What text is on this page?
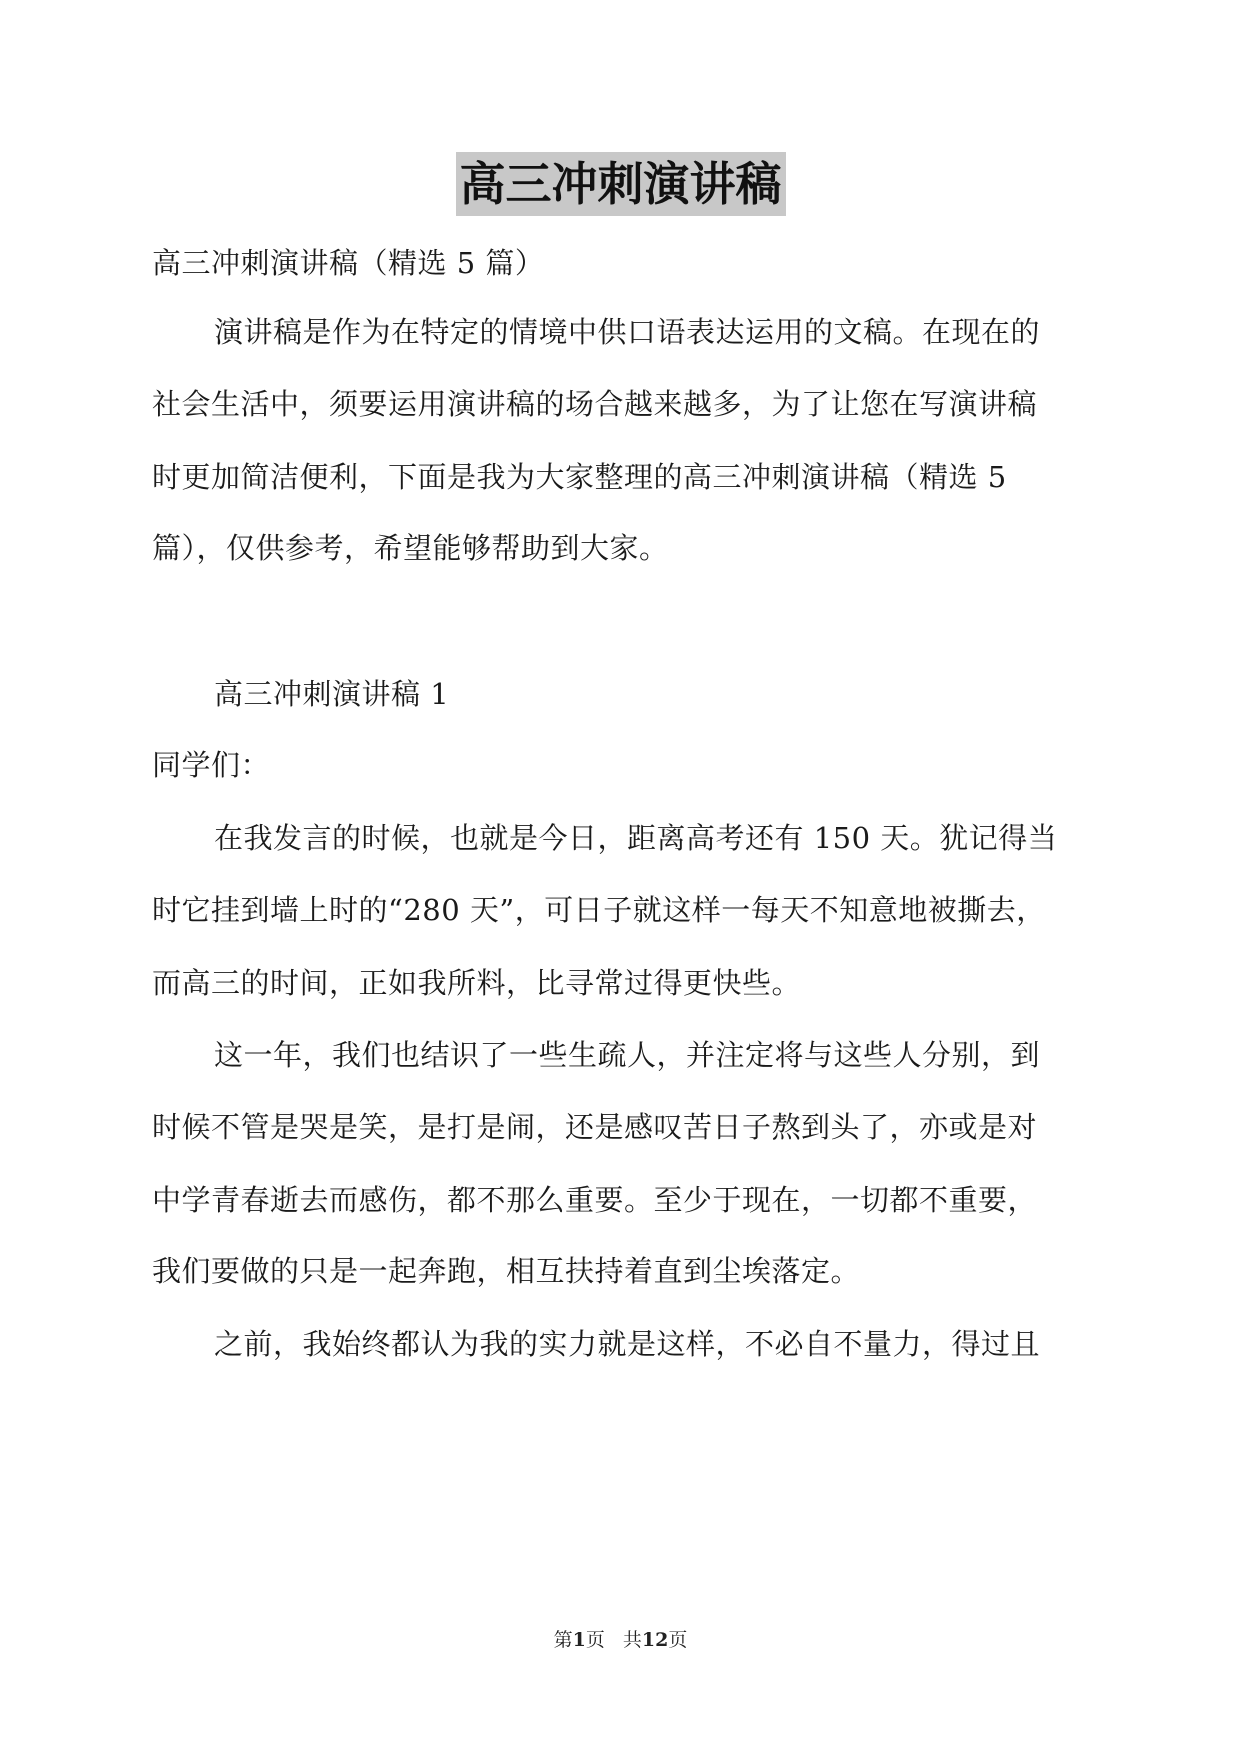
高三冲刺演讲稿
高三冲刺演讲稿（精选 5 篇）
演讲稿是作为在特定的情境中供口语表达运用的文稿。在现在的
社会生活中，须要运用演讲稿的场合越来越多，为了让您在写演讲稿
时更加简洁便利，下面是我为大家整理的高三冲刺演讲稿（精选 5
篇），仅供参考，希望能够帮助到大家。
高三冲刺演讲稿 1
同学们：
在我发言的时候，也就是今日，距离高考还有 150 天。犹记得当
时它挂到墙上时的“280 天”，可日子就这样一每天不知意地被撕去，
而高三的时间，正如我所料，比寻常过得更快些。
这一年，我们也结识了一些生疏人，并注定将与这些人分别，到
时候不管是哭是笑，是打是闹，还是感叹苦日子熬到头了，亦或是对
中学青春逝去而感伤，都不那么重要。至少于现在，一切都不重要，
我们要做的只是一起奔跑，相互扶持着直到尘埃落定。
之前，我始终都认为我的实力就是这样，不必自不量力，得过且
第1页 共12页
